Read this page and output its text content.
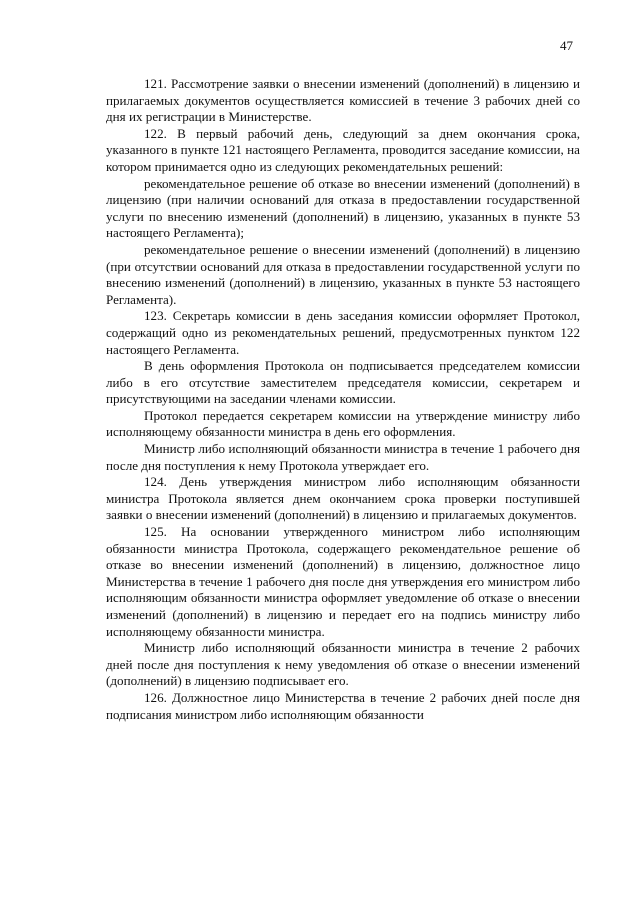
47

121. Рассмотрение заявки о внесении изменений (дополнений) в лицензию и прилагаемых документов осуществляется комиссией в течение 3 рабочих дней со дня их регистрации в Министерстве.

122. В первый рабочий день, следующий за днем окончания срока, указанного в пункте 121 настоящего Регламента, проводится заседание комиссии, на котором принимается одно из следующих рекомендательных решений:

рекомендательное решение об отказе во внесении изменений (дополнений) в лицензию (при наличии оснований для отказа в предоставлении государственной услуги по внесению изменений (дополнений) в лицензию, указанных в пункте 53 настоящего Регламента);

рекомендательное решение о внесении изменений (дополнений) в лицензию (при отсутствии оснований для отказа в предоставлении государственной услуги по внесению изменений (дополнений) в лицензию, указанных в пункте 53 настоящего Регламента).

123. Секретарь комиссии в день заседания комиссии оформляет Протокол, содержащий одно из рекомендательных решений, предусмотренных пунктом 122 настоящего Регламента.

В день оформления Протокола он подписывается председателем комиссии либо в его отсутствие заместителем председателя комиссии, секретарем и присутствующими на заседании членами комиссии.

Протокол передается секретарем комиссии на утверждение министру либо исполняющему обязанности министра в день его оформления.

Министр либо исполняющий обязанности министра в течение 1 рабочего дня после дня поступления к нему Протокола утверждает его.

124. День утверждения министром либо исполняющим обязанности министра Протокола является днем окончанием срока проверки поступившей заявки о внесении изменений (дополнений) в лицензию и прилагаемых документов.

125. На основании утвержденного министром либо исполняющим обязанности министра Протокола, содержащего рекомендательное решение об отказе во внесении изменений (дополнений) в лицензию, должностное лицо Министерства в течение 1 рабочего дня после дня утверждения его министром либо исполняющим обязанности министра оформляет уведомление об отказе о внесении изменений (дополнений) в лицензию и передает его на подпись министру либо исполняющему обязанности министра.

Министр либо исполняющий обязанности министра в течение 2 рабочих дней после дня поступления к нему уведомления об отказе о внесении изменений (дополнений) в лицензию подписывает его.

126. Должностное лицо Министерства в течение 2 рабочих дней после дня подписания министром либо исполняющим обязанности
